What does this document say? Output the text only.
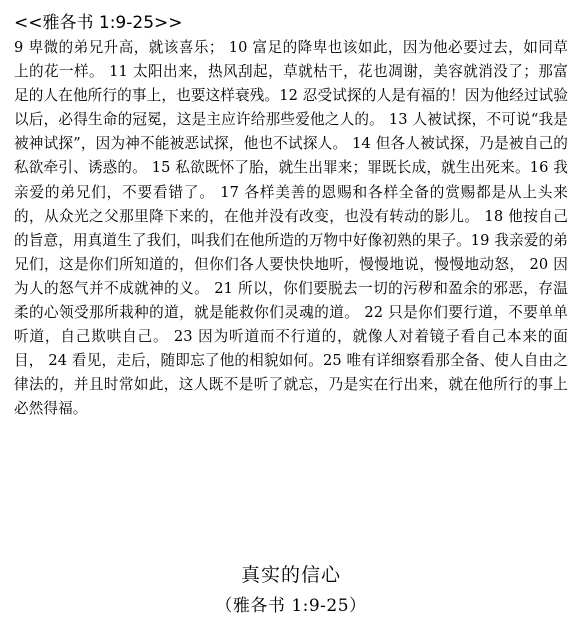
<<雅各书 1:9-25>>

9 卑微的弟兄升高，就该喜乐； 10 富足的降卑也该如此，因为他必要过去，如同草上的花一样。 11 太阳出来，热风刮起，草就枯干，花也凋谢，美容就消没了；那富足的人在他所行的事上，也要这样衰残。12 忍受试探的人是有福的！因为他经过试验以后，必得生命的冠冕，这是主应许给那些爱他之人的。 13 人被试探，不可说“我是被神试探”，因为神不能被恶试探，他也不试探人。 14 但各人被试探，乃是被自己的私欲牵引、诱惑的。 15 私欲既怀了胎，就生出罪来；罪既长成，就生出死来。16 我亲爱的弟兄们，不要看错了。 17 各样美善的恩赐和各样全备的赏赐都是从上头来的，从众光之父那里降下来的，在他并没有改变，也没有转动的影儿。 18 他按自己的旨意，用真道生了我们，叫我们在他所造的万物中好像初熟的果子。19 我亲爱的弟兄们，这是你们所知道的，但你们各人要快快地听，慢慢地说，慢慢地动怒， 20 因为人的怒气并不成就神的义。 21 所以，你们要脱去一切的污秽和盈余的邪恶，存温柔的心领受那所栽种的道，就是能救你们灵魂的道。 22 只是你们要行道，不要单单听道，自己欺哄自己。 23 因为听道而不行道的，就像人对着镜子看自己本来的面目， 24 看见，走后，随即忘了他的相貌如何。25 唯有详细察看那全备、使人自由之律法的，并且时常如此，这人既不是听了就忘，乃是实在行出来，就在他所行的事上必然得福。

真实的信心
（雅各书 1:9-25）
